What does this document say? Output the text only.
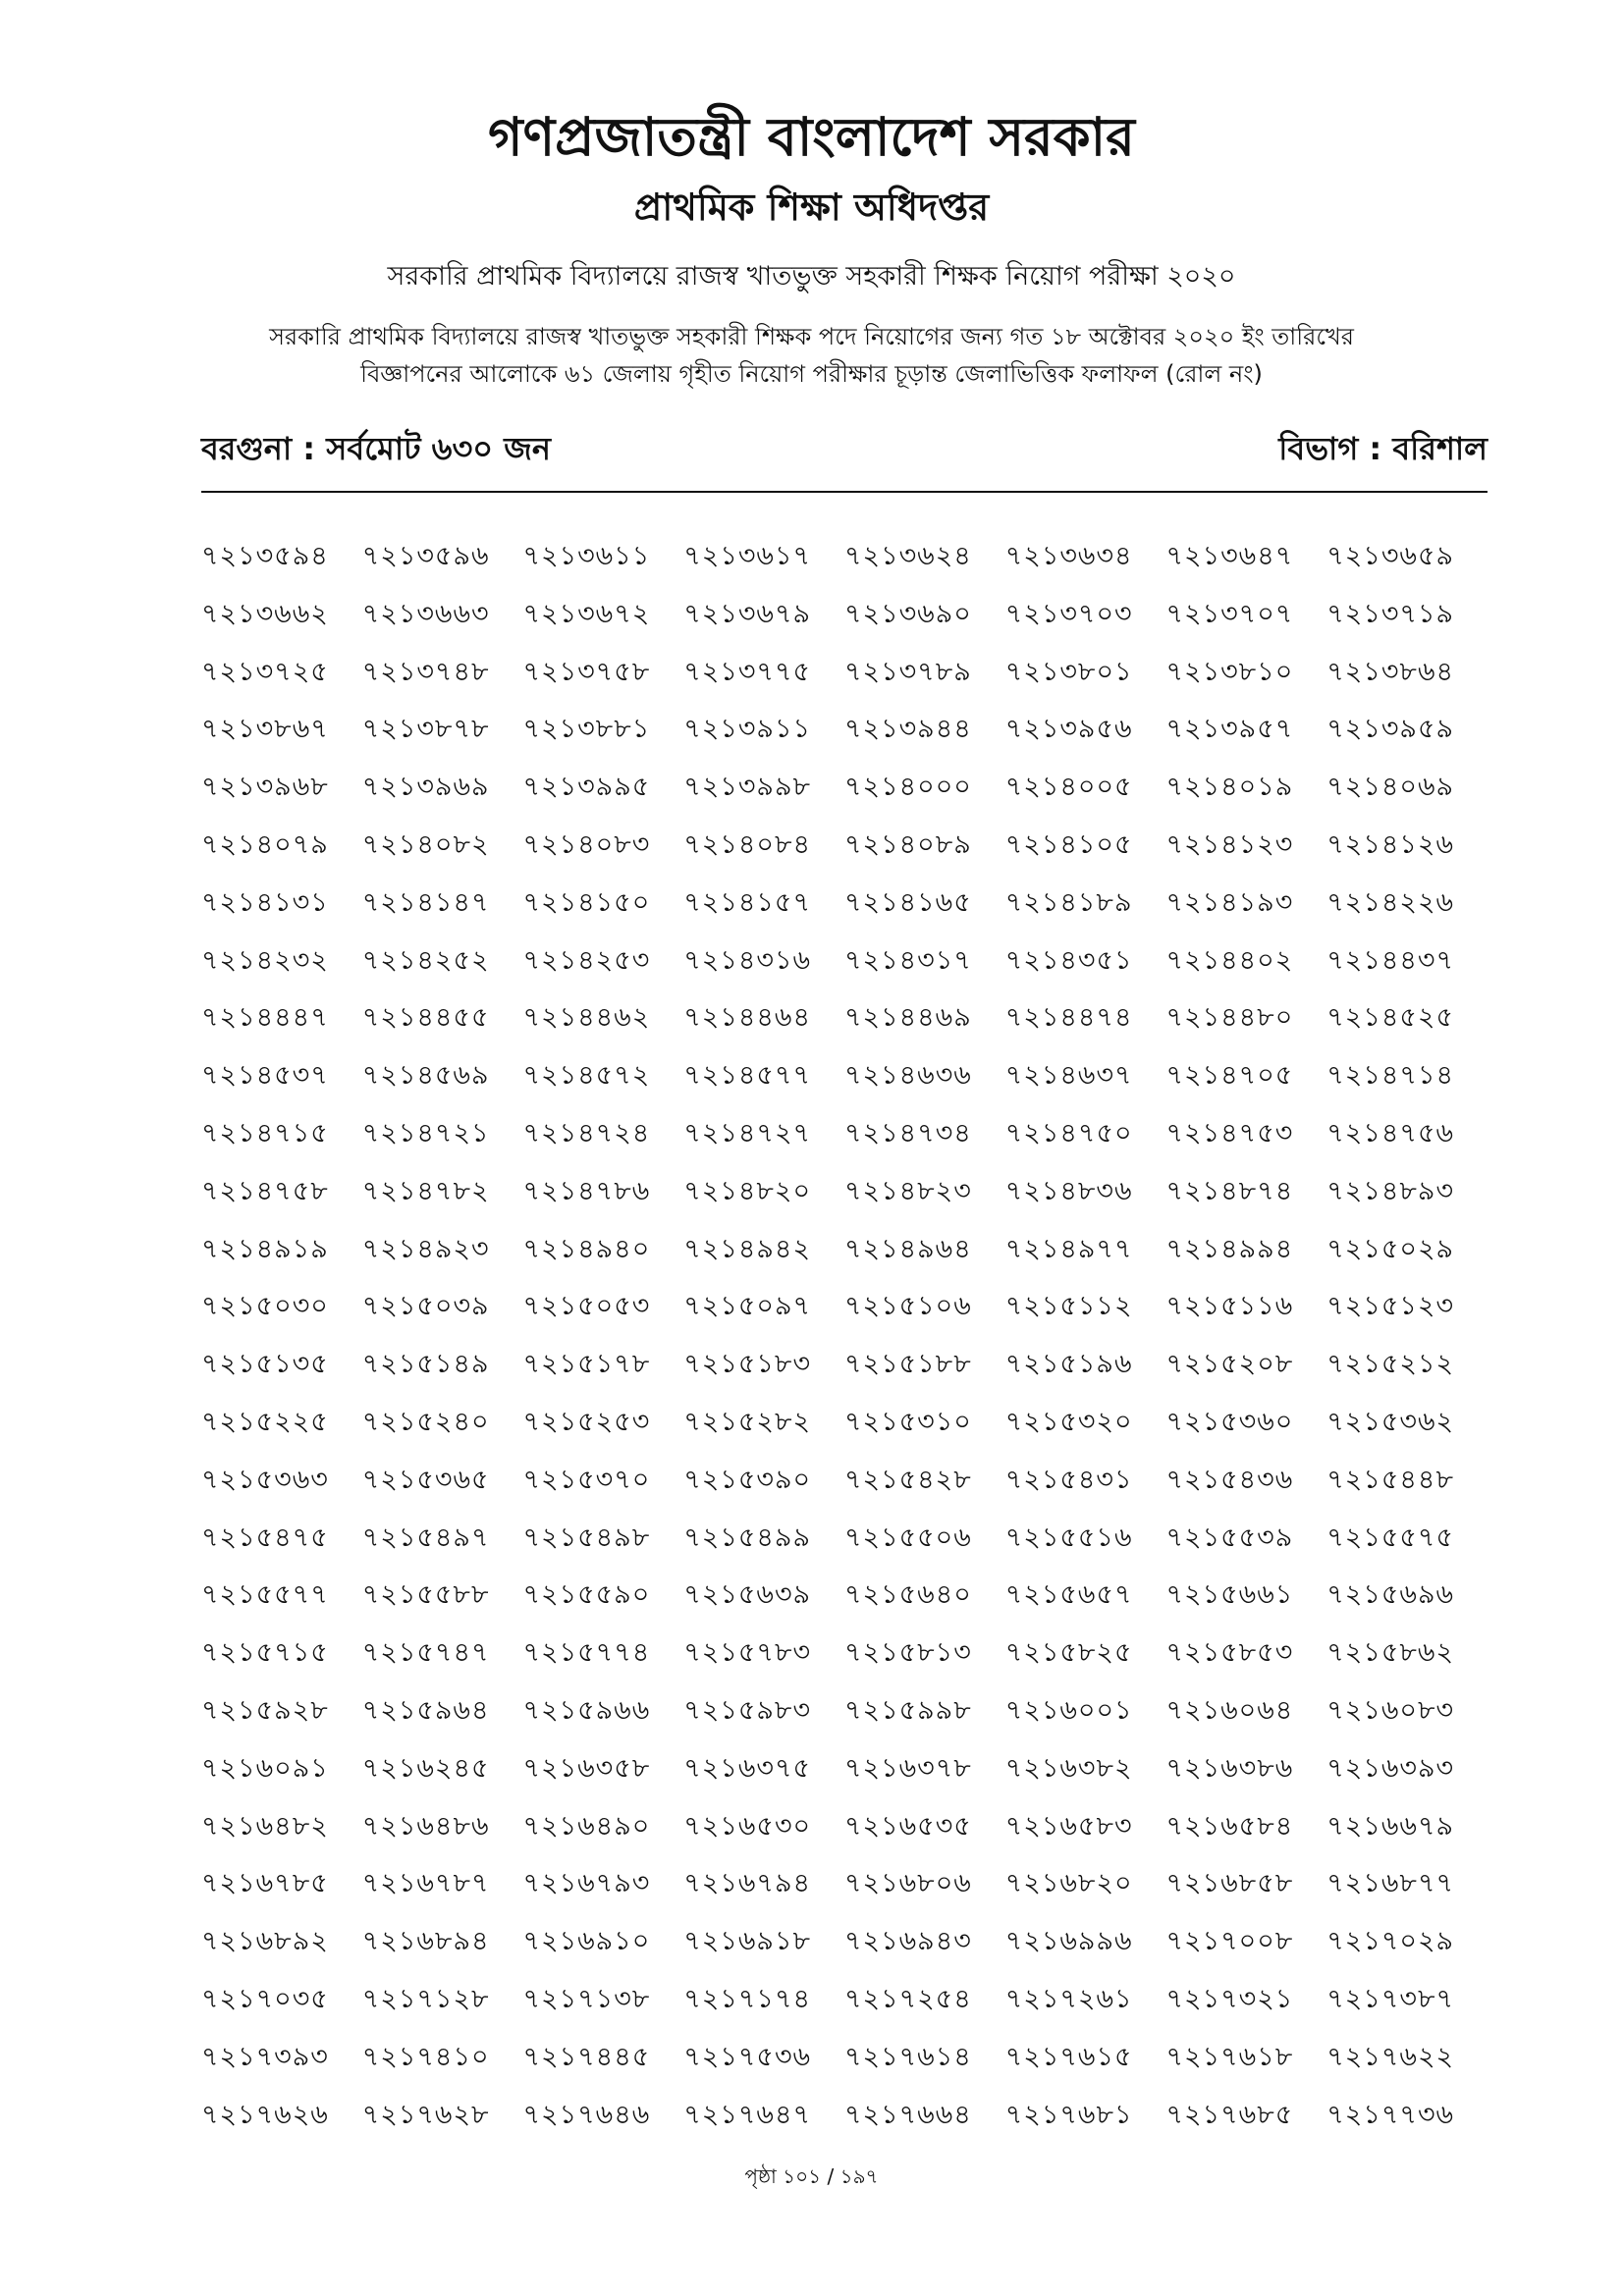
গণপ্রজাতন্ত্রী বাংলাদেশ সরকার
প্রাথমিক শিক্ষা অধিদপ্তর
সরকারি প্রাথমিক বিদ্যালয়ে রাজস্ব খাতভুক্ত সহকারী শিক্ষক নিয়োগ পরীক্ষা ২০২০
সরকারি প্রাথমিক বিদ্যালয়ে রাজস্ব খাতভুক্ত সহকারী শিক্ষক পদে নিয়োগের জন্য গত ১৮ অক্টোবর ২০২০ ইং তারিখের
বিজ্ঞাপনের আলোকে ৬১ জেলায় গৃহীত নিয়োগ পরীক্ষার চূড়ান্ত জেলাভিত্তিক ফলাফল (রোল নং)
বরগুনা : সর্বমোট ৬৩০ জন	বিভাগ : বরিশাল
৭২১৩৫৯৪	৭২১৩৫৯৬	৭২১৩৬১১	৭২১৩৬১৭	৭২১৩৬২৪	৭২১৩৬৩৪	৭২১৩৬৪৭	৭২১৩৬৫৯
৭২১৩৬৬২	৭২১৩৬৬৩	৭২১৩৬৭২	৭২১৩৬৭৯	৭২১৩৬৯০	৭২১৩৭০৩	৭২১৩৭০৭	৭২১৩৭১৯
৭২১৩৭২৫	৭২১৩৭৪৮	৭২১৩৭৫৮	৭২১৩৭৭৫	৭২১৩৭৮৯	৭২১৩৮০১	৭২১৩৮১০	৭২১৩৮৬৪
৭২১৩৮৬৭	৭২১৩৮৭৮	৭২১৩৮৮১	৭২১৩৯১১	৭২১৩৯৪৪	৭২১৩৯৫৬	৭২১৩৯৫৭	৭২১৩৯৫৯
৭২১৩৯৬৮	৭২১৩৯৬৯	৭২১৩৯৯৫	৭২১৩৯৯৮	৭২১৪০০০	৭২১৪০০৫	৭২১৪০১৯	৭২১৪০৬৯
৭২১৪০৭৯	৭২১৪০৮২	৭২১৪০৮৩	৭২১৪০৮৪	৭২১৪০৮৯	৭২১৪১০৫	৭২১৪১২৩	৭২১৪১২৬
৭২১৪১৩১	৭২১৪১৪৭	৭২১৪১৫০	৭২১৪১৫৭	৭২১৪১৬৫	৭২১৪১৮৯	৭২১৪১৯৩	৭২১৪২২৬
৭২১৪২৩২	৭২১৪২৫২	৭২১৪২৫৩	৭২১৪৩১৬	৭২১৪৩১৭	৭২১৪৩৫১	৭২১৪৪০২	৭২১৪৪৩৭
৭২১৪৪৪৭	৭২১৪৪৫৫	৭২১৪৪৬২	৭২১৪৪৬৪	৭২১৪৪৬৯	৭২১৪৪৭৪	৭২১৪৪৮০	৭২১৪৫২৫
৭২১৪৫৩৭	৭২১৪৫৬৯	৭২১৪৫৭২	৭২১৪৫৭৭	৭২১৪৬৩৬	৭২১৪৬৩৭	৭২১৪৭০৫	৭২১৪৭১৪
৭২১৪৭১৫	৭২১৪৭২১	৭২১৪৭২৪	৭২১৪৭২৭	৭২১৪৭৩৪	৭২১৪৭৫০	৭২১৪৭৫৩	৭২১৪৭৫৬
৭২১৪৭৫৮	৭২১৪৭৮২	৭২১৪৭৮৬	৭২১৪৮২০	৭২১৪৮২৩	৭২১৪৮৩৬	৭২১৪৮৭৪	৭২১৪৮৯৩
৭২১৪৯১৯	৭২১৪৯২৩	৭২১৪৯৪০	৭২১৪৯৪২	৭২১৪৯৬৪	৭২১৪৯৭৭	৭২১৪৯৯৪	৭২১৫০২৯
৭২১৫০৩০	৭২১৫০৩৯	৭২১৫০৫৩	৭২১৫০৯৭	৭২১৫১০৬	৭২১৫১১২	৭২১৫১১৬	৭২১৫১২৩
৭২১৫১৩৫	৭২১৫১৪৯	৭২১৫১৭৮	৭২১৫১৮৩	৭২১৫১৮৮	৭২১৫১৯৬	৭২১৫২০৮	৭২১৫২১২
৭২১৫২২৫	৭২১৫২৪০	৭২১৫২৫৩	৭২১৫২৮২	৭২১৫৩১০	৭২১৫৩২০	৭২১৫৩৬০	৭২১৫৩৬২
৭২১৫৩৬৩	৭২১৫৩৬৫	৭২১৫৩৭০	৭২১৫৩৯০	৭২১৫৪২৮	৭২১৫৪৩১	৭২১৫৪৩৬	৭২১৫৪৪৮
৭২১৫৪৭৫	৭২১৫৪৯৭	৭২১৫৪৯৮	৭২১৫৪৯৯	৭২১৫৫০৬	৭২১৫৫১৬	৭২১৫৫৩৯	৭২১৫৫৭৫
৭২১৫৫৭৭	৭২১৫৫৮৮	৭২১৫৫৯০	৭২১৫৬৩৯	৭২১৫৬৪০	৭২১৫৬৫৭	৭২১৫৬৬১	৭২১৫৬৯৬
৭২১৫৭১৫	৭২১৫৭৪৭	৭২১৫৭৭৪	৭২১৫৭৮৩	৭২১৫৮১৩	৭২১৫৮২৫	৭২১৫৮৫৩	৭২১৫৮৬২
৭২১৫৯২৮	৭২১৫৯৬৪	৭২১৫৯৬৬	৭২১৫৯৮৩	৭২১৫৯৯৮	৭২১৬০০১	৭২১৬০৬৪	৭২১৬০৮৩
৭২১৬০৯১	৭২১৬২৪৫	৭২১৬৩৫৮	৭২১৬৩৭৫	৭২১৬৩৭৮	৭২১৬৩৮২	৭২১৬৩৮৬	৭২১৬৩৯৩
৭২১৬৪৮২	৭২১৬৪৮৬	৭২১৬৪৯০	৭২১৬৫৩০	৭২১৬৫৩৫	৭২১৬৫৮৩	৭২১৬৫৮৪	৭২১৬৬৭৯
৭২১৬৭৮৫	৭২১৬৭৮৭	৭২১৬৭৯৩	৭২১৬৭৯৪	৭২১৬৮০৬	৭২১৬৮২০	৭২১৬৮৫৮	৭২১৬৮৭৭
৭২১৬৮৯২	৭২১৬৮৯৪	৭২১৬৯১০	৭২১৬৯১৮	৭২১৬৯৪৩	৭২১৬৯৯৬	৭২১৭০০৮	৭২১৭০২৯
৭২১৭০৩৫	৭২১৭১২৮	৭২১৭১৩৮	৭২১৭১৭৪	৭২১৭২৫৪	৭২১৭২৬১	৭২১৭৩২১	৭২১৭৩৮৭
৭২১৭৩৯৩	৭২১৭৪১০	৭২১৭৪৪৫	৭২১৭৫৩৬	৭২১৭৬১৪	৭২১৭৬১৫	৭২১৭৬১৮	৭২১৭৬২২
৭২১৭৬২৬	৭২১৭৬২৮	৭২১৭৬৪৬	৭২১৭৬৪৭	৭২১৭৬৬৪	৭২১৭৬৮১	৭২১৭৬৮৫	৭২১৭৭৩৬
পৃষ্ঠা ১০১ / ১৯৭
